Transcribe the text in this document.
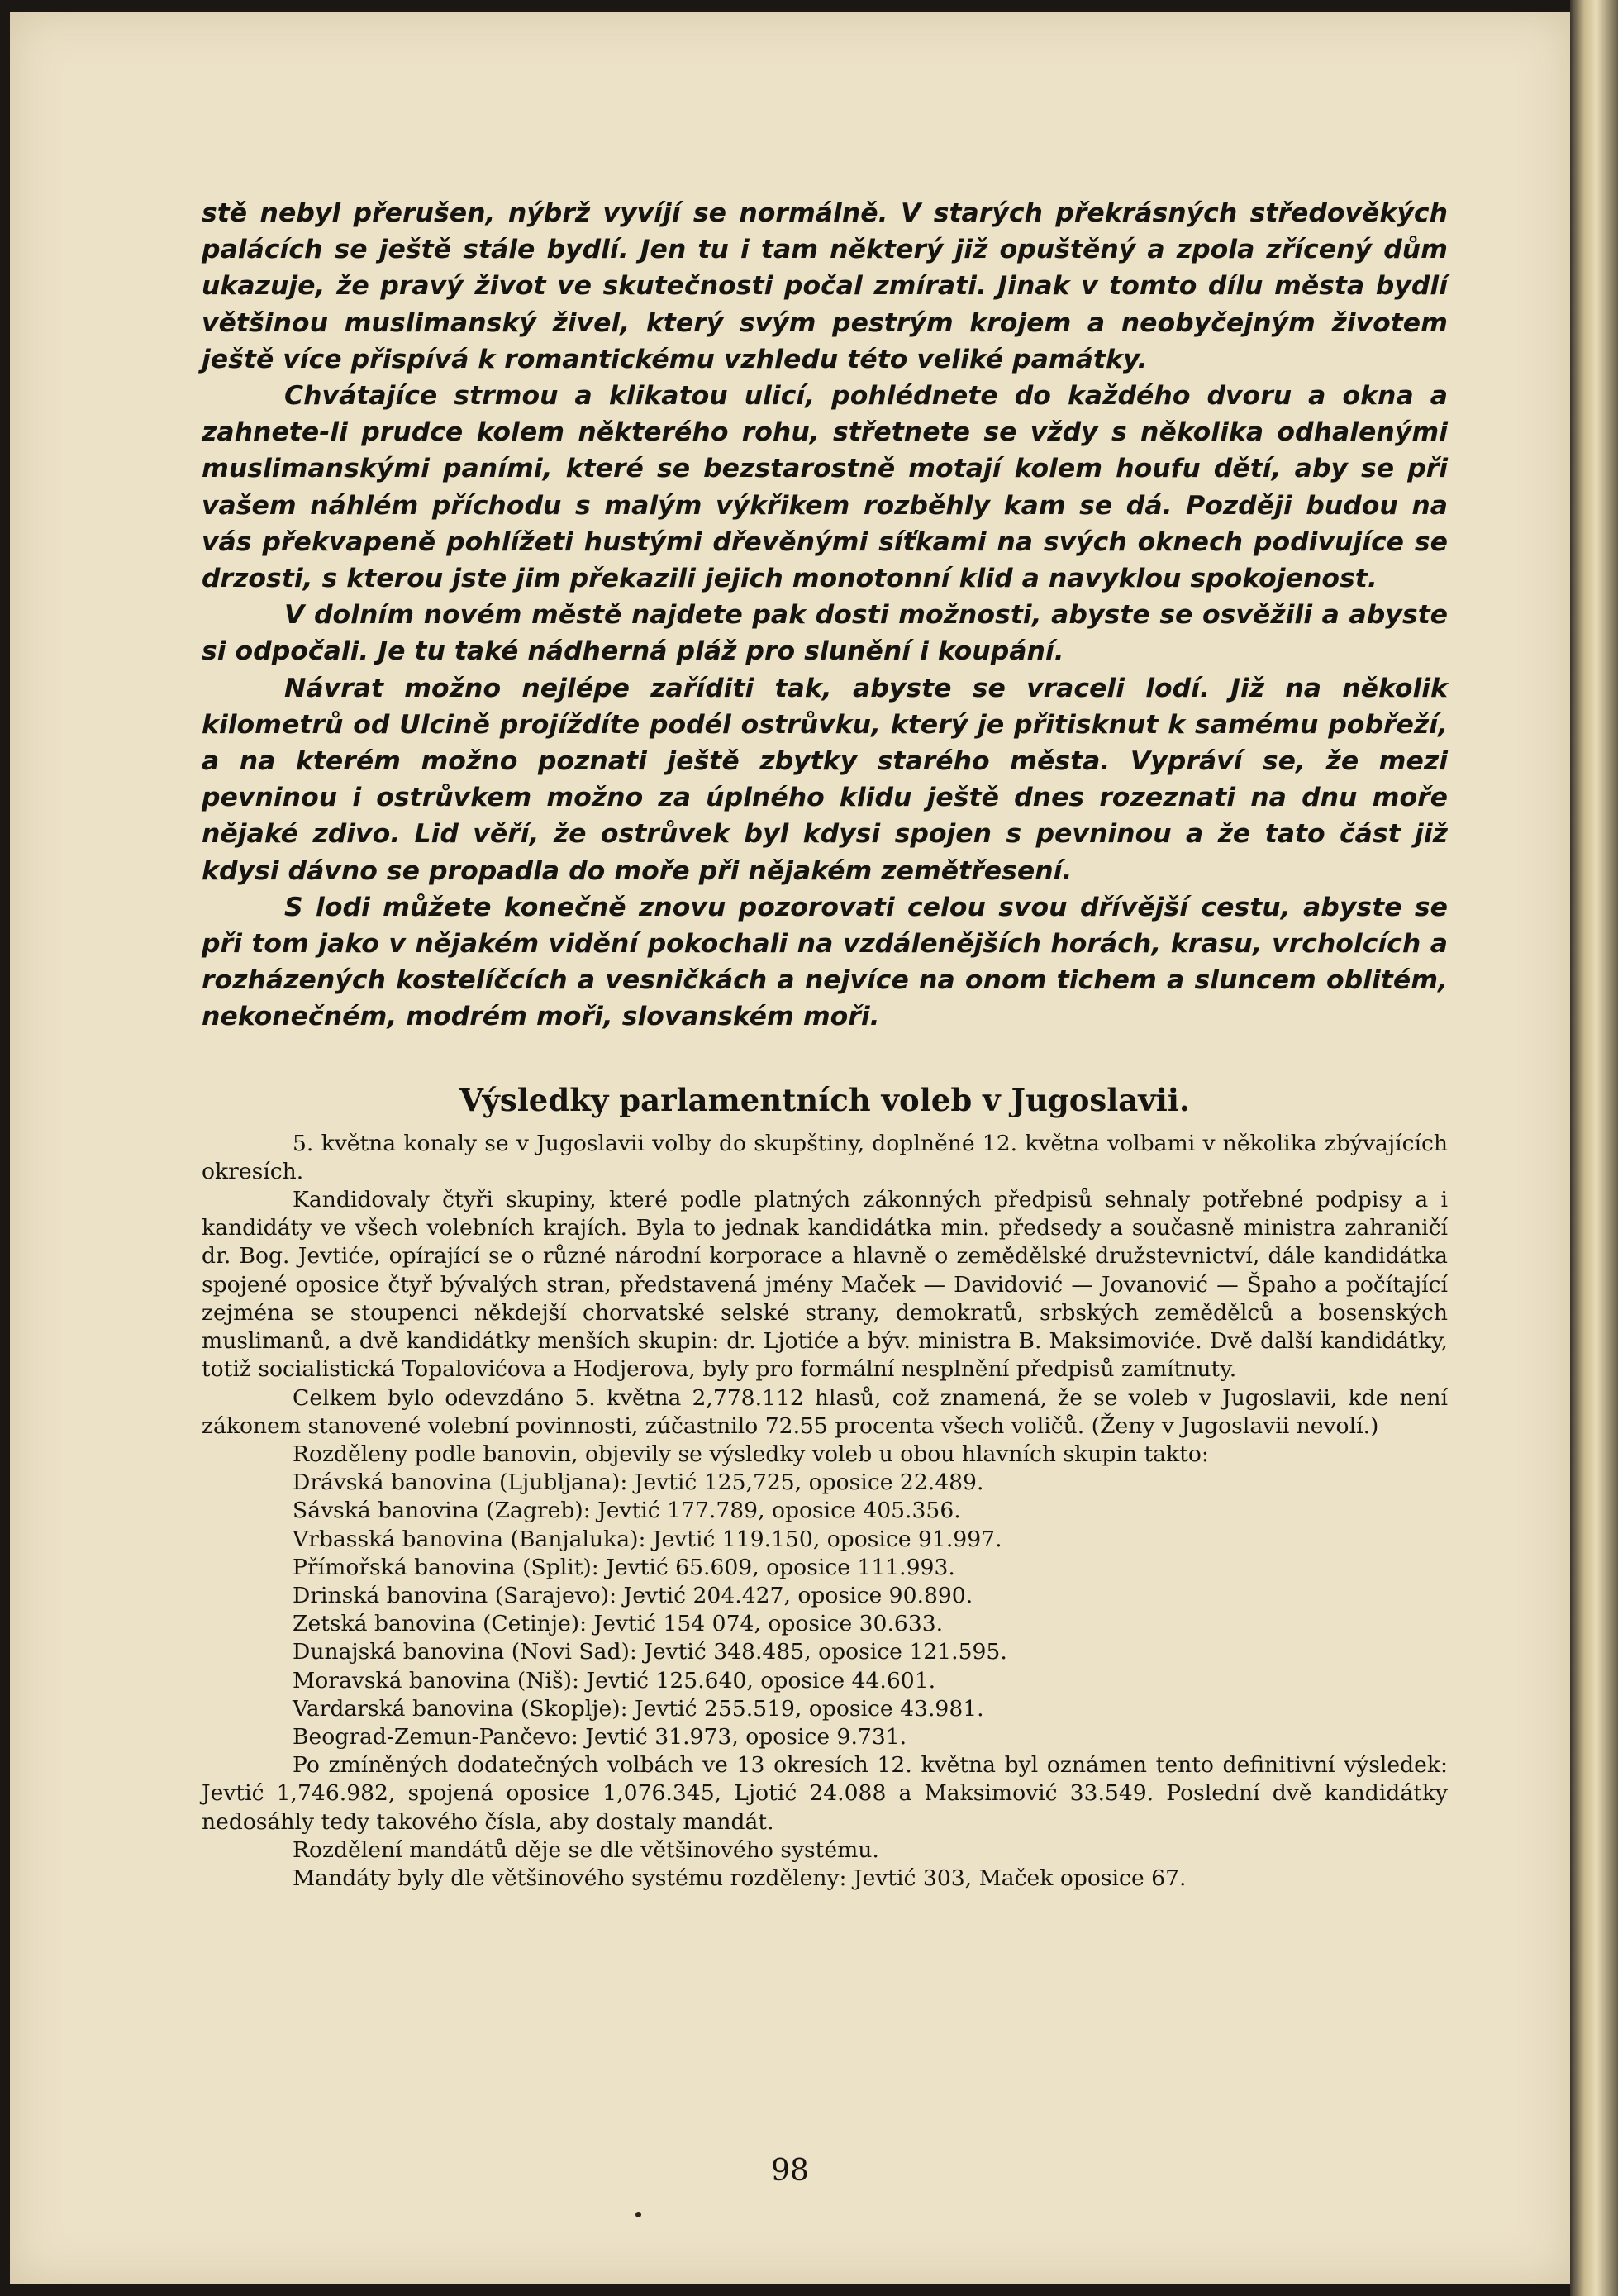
stě nebyl přerušen, nýbrž vyvíjí se normálně. V starých překrásných středověkých palácích se ještě stále bydlí. Jen tu i tam některý již opuštěný a zpola zřícený dům ukazuje, že pravý život ve skutečnosti počal zmírati. Jinak v tomto dílu města bydlí většinou muslimanský živel, který svým pestrým krojem a neobyčejným životem ještě více přispívá k romantickému vzhledu této veliké památky.

Chvátajíce strmou a klikatou ulicí, pohlédnete do každého dvoru a okna a zahnete-li prudce kolem některého rohu, střetnete se vždy s několika odhalenými muslimanskými paními, které se bezstarostně motají kolem houfu dětí, aby se při vašem náhlém příchodu s malým výkřikem rozběhly kam se dá. Později budou na vás překvapeně pohlížeti hustými dřevěnými síťkami na svých oknech podivujíce se drzosti, s kterou jste jim překazili jejich monotonní klid a navyklou spokojenost.

V dolním novém městě najdete pak dosti možnosti, abyste se osvěžili a abyste si odpočali. Je tu také nádherná pláž pro slunění i koupání.

Návrat možno nejlépe zaříditi tak, abyste se vraceli lodí. Již na několik kilometrů od Ulcině projíždíte podél ostrůvku, který je přitisknut k samému pobřeží, a na kterém možno poznati ještě zbytky starého města. Vypráví se, že mezi pevninou i ostrůvkem možno za úplného klidu ještě dnes rozeznati na dnu moře nějaké zdivo. Lid věří, že ostrůvek byl kdysi spojen s pevninou a že tato část již kdysi dávno se propadla do moře při nějakém zemětřesení.

S lodi můžete konečně znovu pozorovati celou svou dřívější cestu, abyste se při tom jako v nějakém vidění pokochali na vzdálenějších horách, krasu, vrcholcích a rozházených kostelíčcích a vesničkách a nejvíce na onom tichem a sluncem oblitém, nekonečném, modrém moři, slovanském moři.

Výsledky parlamentních voleb v Jugoslavii.

5. května konaly se v Jugoslavii volby do skupštiny, doplněné 12. května volbami v několika zbývajících okresích.

Kandidovaly čtyři skupiny, které podle platných zákonných předpisů sehnaly potřebné podpisy a i kandidáty ve všech volebních krajích. Byla to jednak kandidátka min. předsedy a současně ministra zahraničí dr. Bog. Jevtiće, opírající se o různé národní korporace a hlavně o zemědělské družstevnictví, dále kandidátka spojené oposice čtyř bývalých stran, představená jmény Maček — Davidović — Jovanović — Špaho a počítající zejména se stoupenci někdejší chorvatské selské strany, demokratů, srbských zemědělců a bosenských muslimanů, a dvě kandidátky menších skupin: dr. Ljotiće a býv. ministra B. Maksimoviće. Dvě další kandidátky, totiž socialistická Topalovićova a Hodjerova, byly pro formální nesplnění předpisů zamítnuty.

Celkem bylo odevzdáno 5. května 2,778.112 hlasů, což znamená, že se voleb v Jugoslavii, kde není zákonem stanovené volební povinnosti, zúčastnilo 72.55 procenta všech voličů. (Ženy v Jugoslavii nevolí.)

Rozděleny podle banovin, objevily se výsledky voleb u obou hlavních skupin takto:

Drávská banovina (Ljubljana): Jevtić 125,725, oposice 22.489.
Sávská banovina (Zagreb): Jevtić 177.789, oposice 405.356.
Vrbasská banovina (Banjaluka): Jevtić 119.150, oposice 91.997.
Přímořská banovina (Split): Jevtić 65.609, oposice 111.993.
Drinská banovina (Sarajevo): Jevtić 204.427, oposice 90.890.
Zetská banovina (Cetinje): Jevtić 154 074, oposice 30.633.
Dunajská banovina (Novi Sad): Jevtić 348.485, oposice 121.595.
Moravská banovina (Niš): Jevtić 125.640, oposice 44.601.
Vardarská banovina (Skoplje): Jevtić 255.519, oposice 43.981.
Beograd-Zemun-Pančevo: Jevtić 31.973, oposice 9.731.

Po zmíněných dodatečných volbách ve 13 okresích 12. května byl oznámen tento definitivní výsledek: Jevtić 1,746.982, spojená oposice 1,076.345, Ljotić 24.088 a Maksimović 33.549. Poslední dvě kandidátky nedosáhly tedy takového čísla, aby dostaly mandát.

Rozdělení mandátů děje se dle většinového systému.

Mandáty byly dle většinového systému rozděleny: Jevtić 303, Maček oposice 67.

98
